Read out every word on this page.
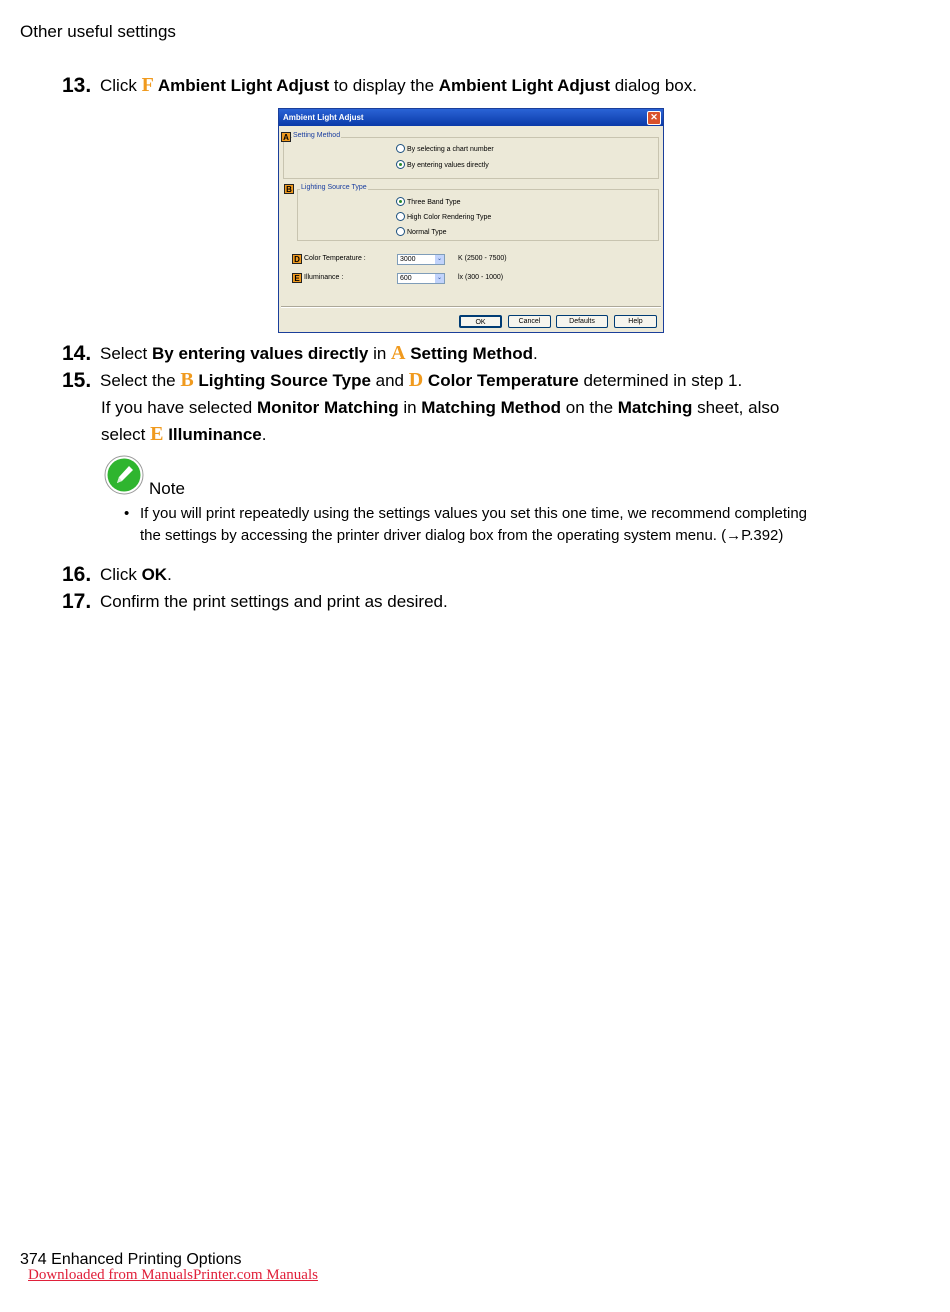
Other useful settings
13. Click F Ambient Light Adjust to display the Ambient Light Adjust dialog box.
Ambient Light Adjust	✕
A Setting Method
By selecting a chart number
By entering values directly
B	Lighting Source Type
Three Band Type
High Color Rendering Type
Normal Type
D Color Temperature :	3000	⌄ K (2500 - 7500)
E Illuminance :	600	⌄ lx (300 - 1000)
OK	Cancel	Defaults	Help
14. Select By entering values directly in A Setting Method.
15. Select the B Lighting Source Type and D Color Temperature determined in step 1.
If you have selected Monitor Matching in Matching Method on the Matching sheet, also
select E Illuminance.
Note
• If you will print repeatedly using the settings values you set this one time, we recommend completing
the settings by accessing the printer driver dialog box from the operating system menu. (→P.392)
16. Click OK.
17. Confirm the print settings and print as desired.
374 Enhanced Printing Options
Downloaded from ManualsPrinter.com Manuals
